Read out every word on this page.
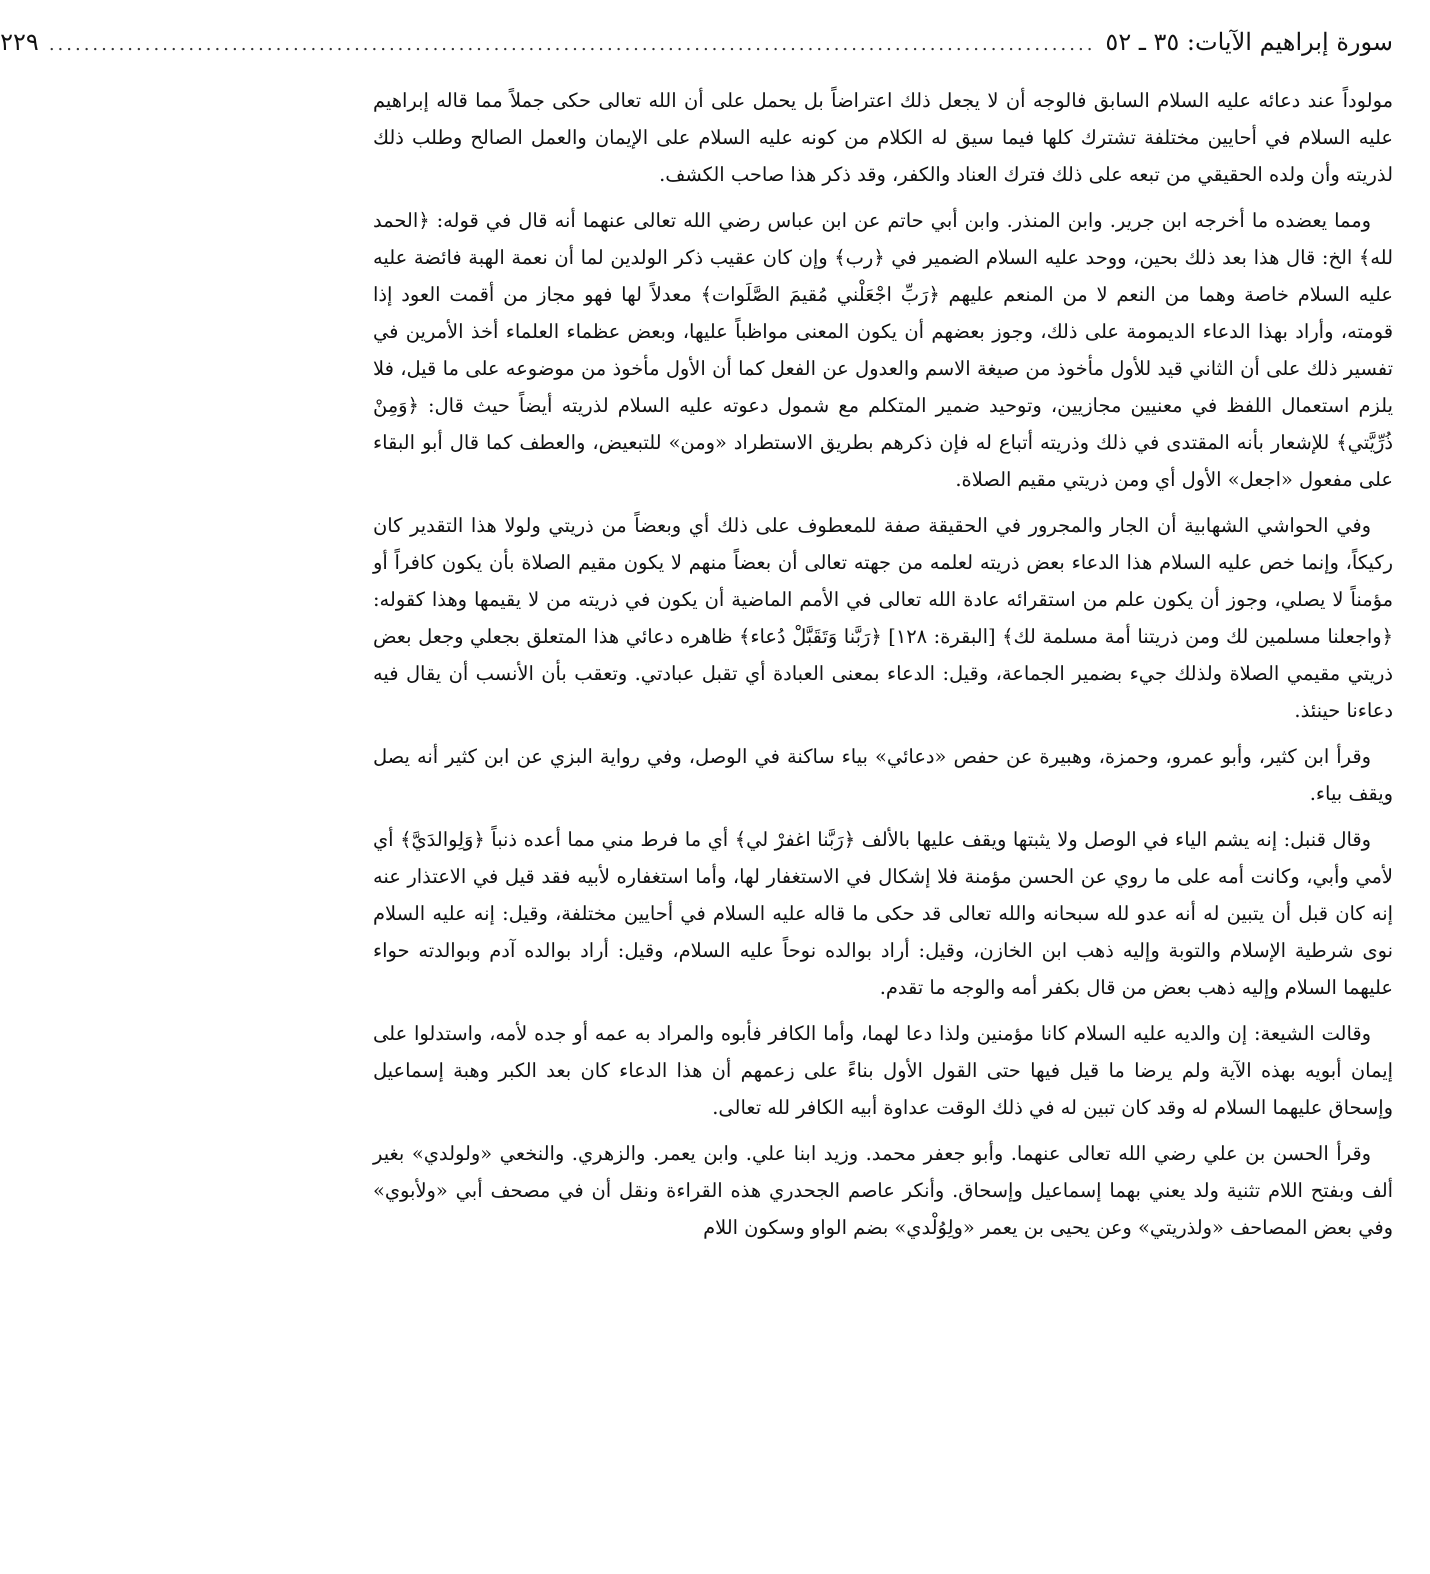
سورة إبراهيم الآيات: ٣٥ ـ ٥٢
........................................................................................................................
٢٢٩

مولوداً عند دعائه عليه السلام السابق فالوجه أن لا يجعل ذلك اعتراضاً بل يحمل على أن الله تعالى حكى جملاً مما قاله إبراهيم عليه السلام في أحايين مختلفة تشترك كلها فيما سيق له الكلام من كونه عليه السلام على الإيمان والعمل الصالح وطلب ذلك لذريته وأن ولده الحقيقي من تبعه على ذلك فترك العناد والكفر، وقد ذكر هذا صاحب الكشف.

ومما يعضده ما أخرجه ابن جرير. وابن المنذر. وابن أبي حاتم عن ابن عباس رضي الله تعالى عنهما أنه قال في قوله: ﴿الحمد لله﴾ الخ: قال هذا بعد ذلك بحين، ووحد عليه السلام الضمير في ﴿رب﴾ وإن كان عقيب ذكر الولدين لما أن نعمة الهبة فائضة عليه عليه السلام خاصة وهما من النعم لا من المنعم عليهم ﴿رَبِّ اجْعَلْني مُقيمَ الصَّلَوات﴾ معدلاً لها فهو مجاز من أقمت العود إذا قومته، وأراد بهذا الدعاء الديمومة على ذلك، وجوز بعضهم أن يكون المعنى مواظباً عليها، وبعض عظماء العلماء أخذ الأمرين في تفسير ذلك على أن الثاني قيد للأول مأخوذ من صيغة الاسم والعدول عن الفعل كما أن الأول مأخوذ من موضوعه على ما قيل، فلا يلزم استعمال اللفظ في معنيين مجازيين، وتوحيد ضمير المتكلم مع شمول دعوته عليه السلام لذريته أيضاً حيث قال: ﴿وَمِنْ ذُرِّيَّتي﴾ للإشعار بأنه المقتدى في ذلك وذريته أتباع له فإن ذكرهم بطريق الاستطراد «ومن» للتبعيض، والعطف كما قال أبو البقاء على مفعول «اجعل» الأول أي ومن ذريتي مقيم الصلاة.

وفي الحواشي الشهابية أن الجار والمجرور في الحقيقة صفة للمعطوف على ذلك أي وبعضاً من ذريتي ولولا هذا التقدير كان ركيكاً، وإنما خص عليه السلام هذا الدعاء بعض ذريته لعلمه من جهته تعالى أن بعضاً منهم لا يكون مقيم الصلاة بأن يكون كافراً أو مؤمناً لا يصلي، وجوز أن يكون علم من استقرائه عادة الله تعالى في الأمم الماضية أن يكون في ذريته من لا يقيمها وهذا كقوله: ﴿واجعلنا مسلمين لك ومن ذريتنا أمة مسلمة لك﴾ [البقرة: ١٢٨] ﴿رَبَّنا وَتَقَبَّلْ دُعاء﴾ ظاهره دعائي هذا المتعلق بجعلي وجعل بعض ذريتي مقيمي الصلاة ولذلك جيء بضمير الجماعة، وقيل: الدعاء بمعنى العبادة أي تقبل عبادتي. وتعقب بأن الأنسب أن يقال فيه دعاءنا حينئذ.

وقرأ ابن كثير، وأبو عمرو، وحمزة، وهبيرة عن حفص «دعائي» بياء ساكنة في الوصل، وفي رواية البزي عن ابن كثير أنه يصل ويقف بياء.

وقال قنبل: إنه يشم الياء في الوصل ولا يثبتها ويقف عليها بالألف ﴿رَبَّنا اغفرْ لي﴾ أي ما فرط مني مما أعده ذنباً ﴿وَلِوالدَيَّ﴾ أي لأمي وأبي، وكانت أمه على ما روي عن الحسن مؤمنة فلا إشكال في الاستغفار لها، وأما استغفاره لأبيه فقد قيل في الاعتذار عنه إنه كان قبل أن يتبين له أنه عدو لله سبحانه والله تعالى قد حكى ما قاله عليه السلام في أحايين مختلفة، وقيل: إنه عليه السلام نوى شرطية الإسلام والتوبة وإليه ذهب ابن الخازن، وقيل: أراد بوالده نوحاً عليه السلام، وقيل: أراد بوالده آدم وبوالدته حواء عليهما السلام وإليه ذهب بعض من قال بكفر أمه والوجه ما تقدم.

وقالت الشيعة: إن والديه عليه السلام كانا مؤمنين ولذا دعا لهما، وأما الكافر فأبوه والمراد به عمه أو جده لأمه، واستدلوا على إيمان أبويه بهذه الآية ولم يرضا ما قيل فيها حتى القول الأول بناءً على زعمهم أن هذا الدعاء كان بعد الكبر وهبة إسماعيل وإسحاق عليهما السلام له وقد كان تبين له في ذلك الوقت عداوة أبيه الكافر لله تعالى.

وقرأ الحسن بن علي رضي الله تعالى عنهما. وأبو جعفر محمد. وزيد ابنا علي. وابن يعمر. والزهري. والنخعي «ولولدي» بغير ألف وبفتح اللام تثنية ولد يعني بهما إسماعيل وإسحاق. وأنكر عاصم الجحدري هذه القراءة ونقل أن في مصحف أبي «ولأبوي» وفي بعض المصاحف «ولذريتي» وعن يحيى بن يعمر «ولِوُلْدي» بضم الواو وسكون اللام
